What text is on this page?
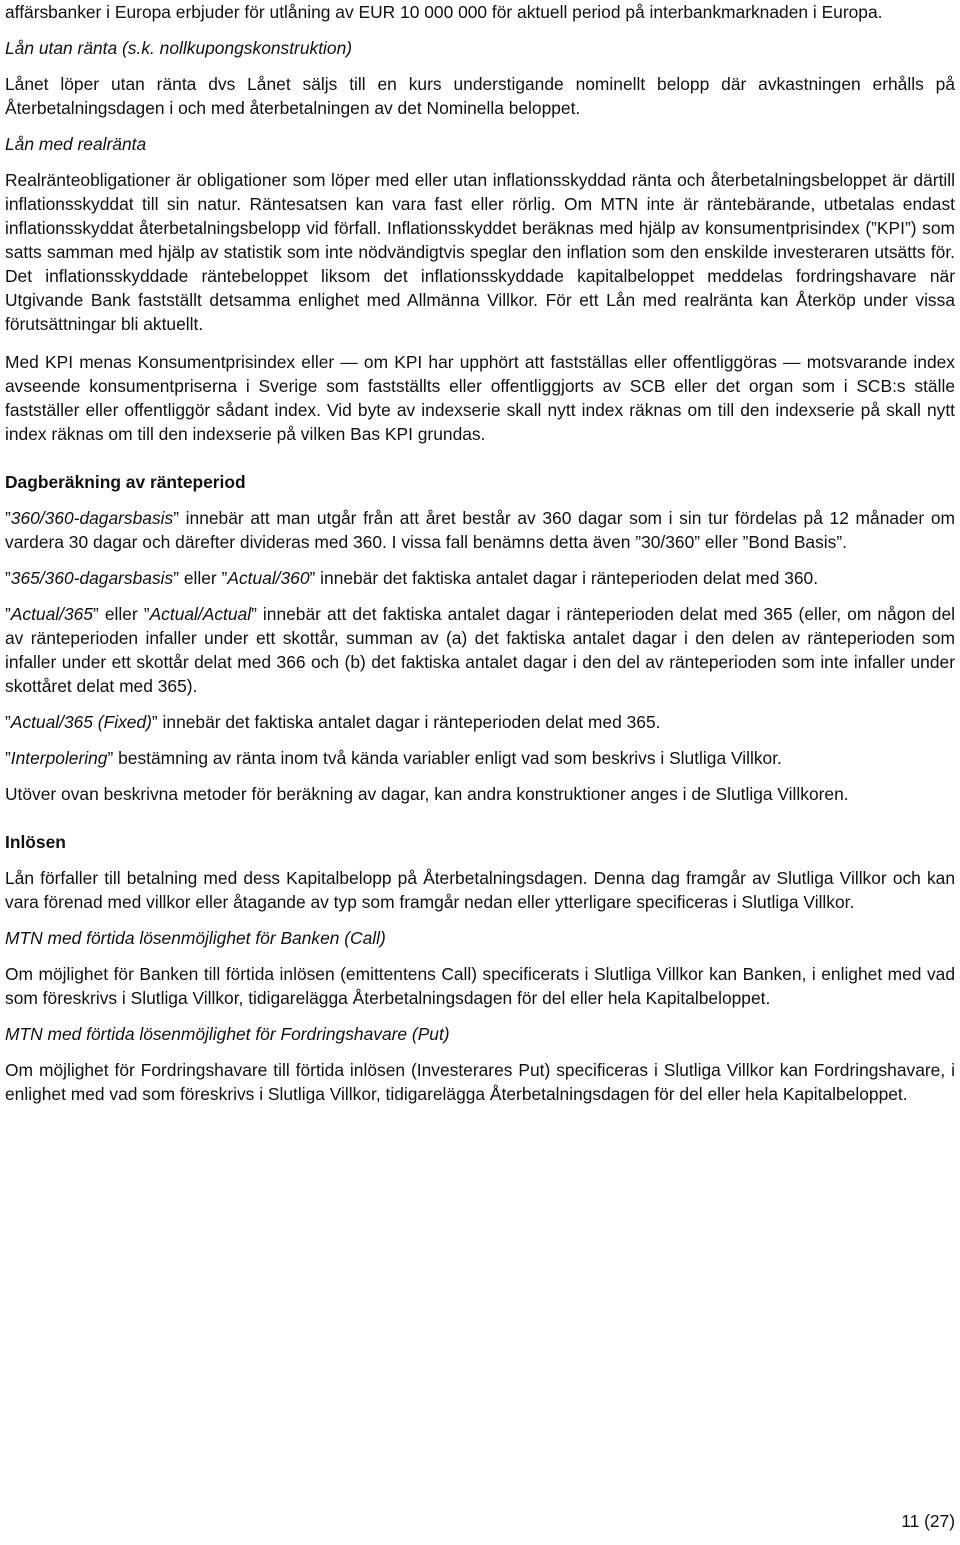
affärsbanker i Europa erbjuder för utlåning av EUR 10 000 000 för aktuell period på interbankmarknaden i Europa.

Lån utan ränta (s.k. nollkupongskonstruktion)

Lånet löper utan ränta dvs Lånet säljs till en kurs understigande nominellt belopp där avkastningen erhålls på Återbetalningsdagen i och med återbetalningen av det Nominella beloppet.

Lån med realränta

Realränteobligationer är obligationer som löper med eller utan inflationsskyddad ränta och återbetalningsbeloppet är därtill inflationsskyddat till sin natur. Räntesatsen kan vara fast eller rörlig. Om MTN inte är räntebärande, utbetalas endast inflationsskyddat återbetalningsbelopp vid förfall. Inflationsskyddet beräknas med hjälp av konsumentprisindex (”KPI”) som satts samman med hjälp av statistik som inte nödvändigtvis speglar den inflation som den enskilde investeraren utsätts för. Det inflationsskyddade räntebeloppet liksom det inflationsskyddade kapitalbeloppet meddelas fordringshavare när Utgivande Bank fastställt detsamma enlighet med Allmänna Villkor. För ett Lån med realränta kan Återköp under vissa förutsättningar bli aktuellt.

Med KPI menas Konsumentprisindex eller — om KPI har upphört att fastställas eller offentliggöras — motsvarande index avseende konsumentpriserna i Sverige som fastställts eller offentliggjorts av SCB eller det organ som i SCB:s ställe fastställer eller offentliggör sådant index. Vid byte av indexserie skall nytt index räknas om till den indexserie på skall nytt index räknas om till den indexserie på vilken Bas KPI grundas.

Dagberäkning av ränteperiod

”360/360-dagarsbasis” innebär att man utgår från att året består av 360 dagar som i sin tur fördelas på 12 månader om vardera 30 dagar och därefter divideras med 360. I vissa fall benämns detta även ”30/360” eller ”Bond Basis”.

”365/360-dagarsbasis” eller ”Actual/360” innebär det faktiska antalet dagar i ränteperioden delat med 360.

”Actual/365” eller ”Actual/Actual” innebär att det faktiska antalet dagar i ränteperioden delat med 365 (eller, om någon del av ränteperioden infaller under ett skottår, summan av (a) det faktiska antalet dagar i den delen av ränteperioden som infaller under ett skottår delat med 366 och (b) det faktiska antalet dagar i den del av ränteperioden som inte infaller under skottåret delat med 365).

”Actual/365 (Fixed)” innebär det faktiska antalet dagar i ränteperioden delat med 365.

”Interpolering” bestämning av ränta inom två kända variabler enligt vad som beskrivs i Slutliga Villkor.

Utöver ovan beskrivna metoder för beräkning av dagar, kan andra konstruktioner anges i de Slutliga Villkoren.

Inlösen

Lån förfaller till betalning med dess Kapitalbelopp på Återbetalningsdagen. Denna dag framgår av Slutliga Villkor och kan vara förenad med villkor eller åtagande av typ som framgår nedan eller ytterligare specificeras i Slutliga Villkor.

MTN med förtida lösenmöjlighet för Banken (Call)

Om möjlighet för Banken till förtida inlösen (emittentens Call) specificerats i Slutliga Villkor kan Banken, i enlighet med vad som föreskrivs i Slutliga Villkor, tidigarelägga Återbetalningsdagen för del eller hela Kapitalbeloppet.

MTN med förtida lösenmöjlighet för Fordringshavare (Put)

Om möjlighet för Fordringshavare till förtida inlösen (Investerares Put) specificeras i Slutliga Villkor kan Fordringshavare, i enlighet med vad som föreskrivs i Slutliga Villkor, tidigarelägga Återbetalningsdagen för del eller hela Kapitalbeloppet.

11 (27)
